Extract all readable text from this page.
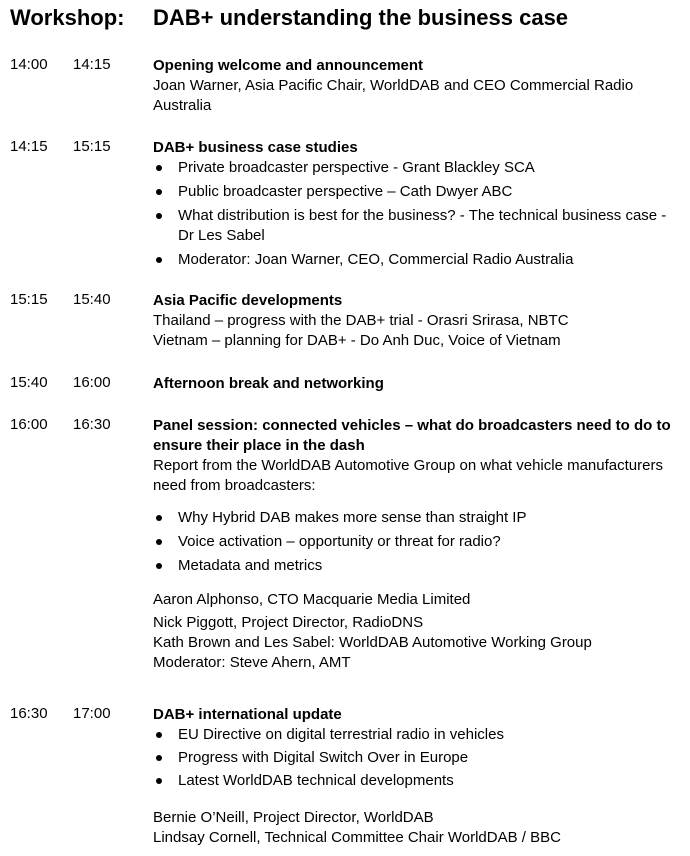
Workshop: DAB+ understanding the business case
14:00 14:15	Opening welcome and announcement
Joan Warner, Asia Pacific Chair, WorldDAB and CEO Commercial Radio Australia
14:15 15:15	DAB+ business case studies
Private broadcaster perspective - Grant Blackley SCA
Public broadcaster perspective – Cath Dwyer ABC
What distribution is best for the business? - The technical business case - Dr Les Sabel
Moderator: Joan Warner, CEO, Commercial Radio Australia
15:15 15:40	Asia Pacific developments
Thailand – progress with the DAB+ trial - Orasri Srirasa, NBTC
Vietnam – planning for DAB+ - Do Anh Duc, Voice of Vietnam
15:40 16:00	Afternoon break and networking
16:00 16:30	Panel session: connected vehicles – what do broadcasters need to do to ensure their place in the dash
Report from the WorldDAB Automotive Group on what vehicle manufacturers need from broadcasters:
Why Hybrid DAB makes more sense than straight IP
Voice activation – opportunity or threat for radio?
Metadata and metrics
Aaron Alphonso, CTO Macquarie Media Limited
Nick Piggott, Project Director, RadioDNS
Kath Brown and Les Sabel: WorldDAB Automotive Working Group
Moderator: Steve Ahern, AMT
16:30 17:00	DAB+ international update
EU Directive on digital terrestrial radio in vehicles
Progress with Digital Switch Over in Europe
Latest WorldDAB technical developments
Bernie O’Neill, Project Director, WorldDAB
Lindsay Cornell, Technical Committee Chair WorldDAB / BBC
